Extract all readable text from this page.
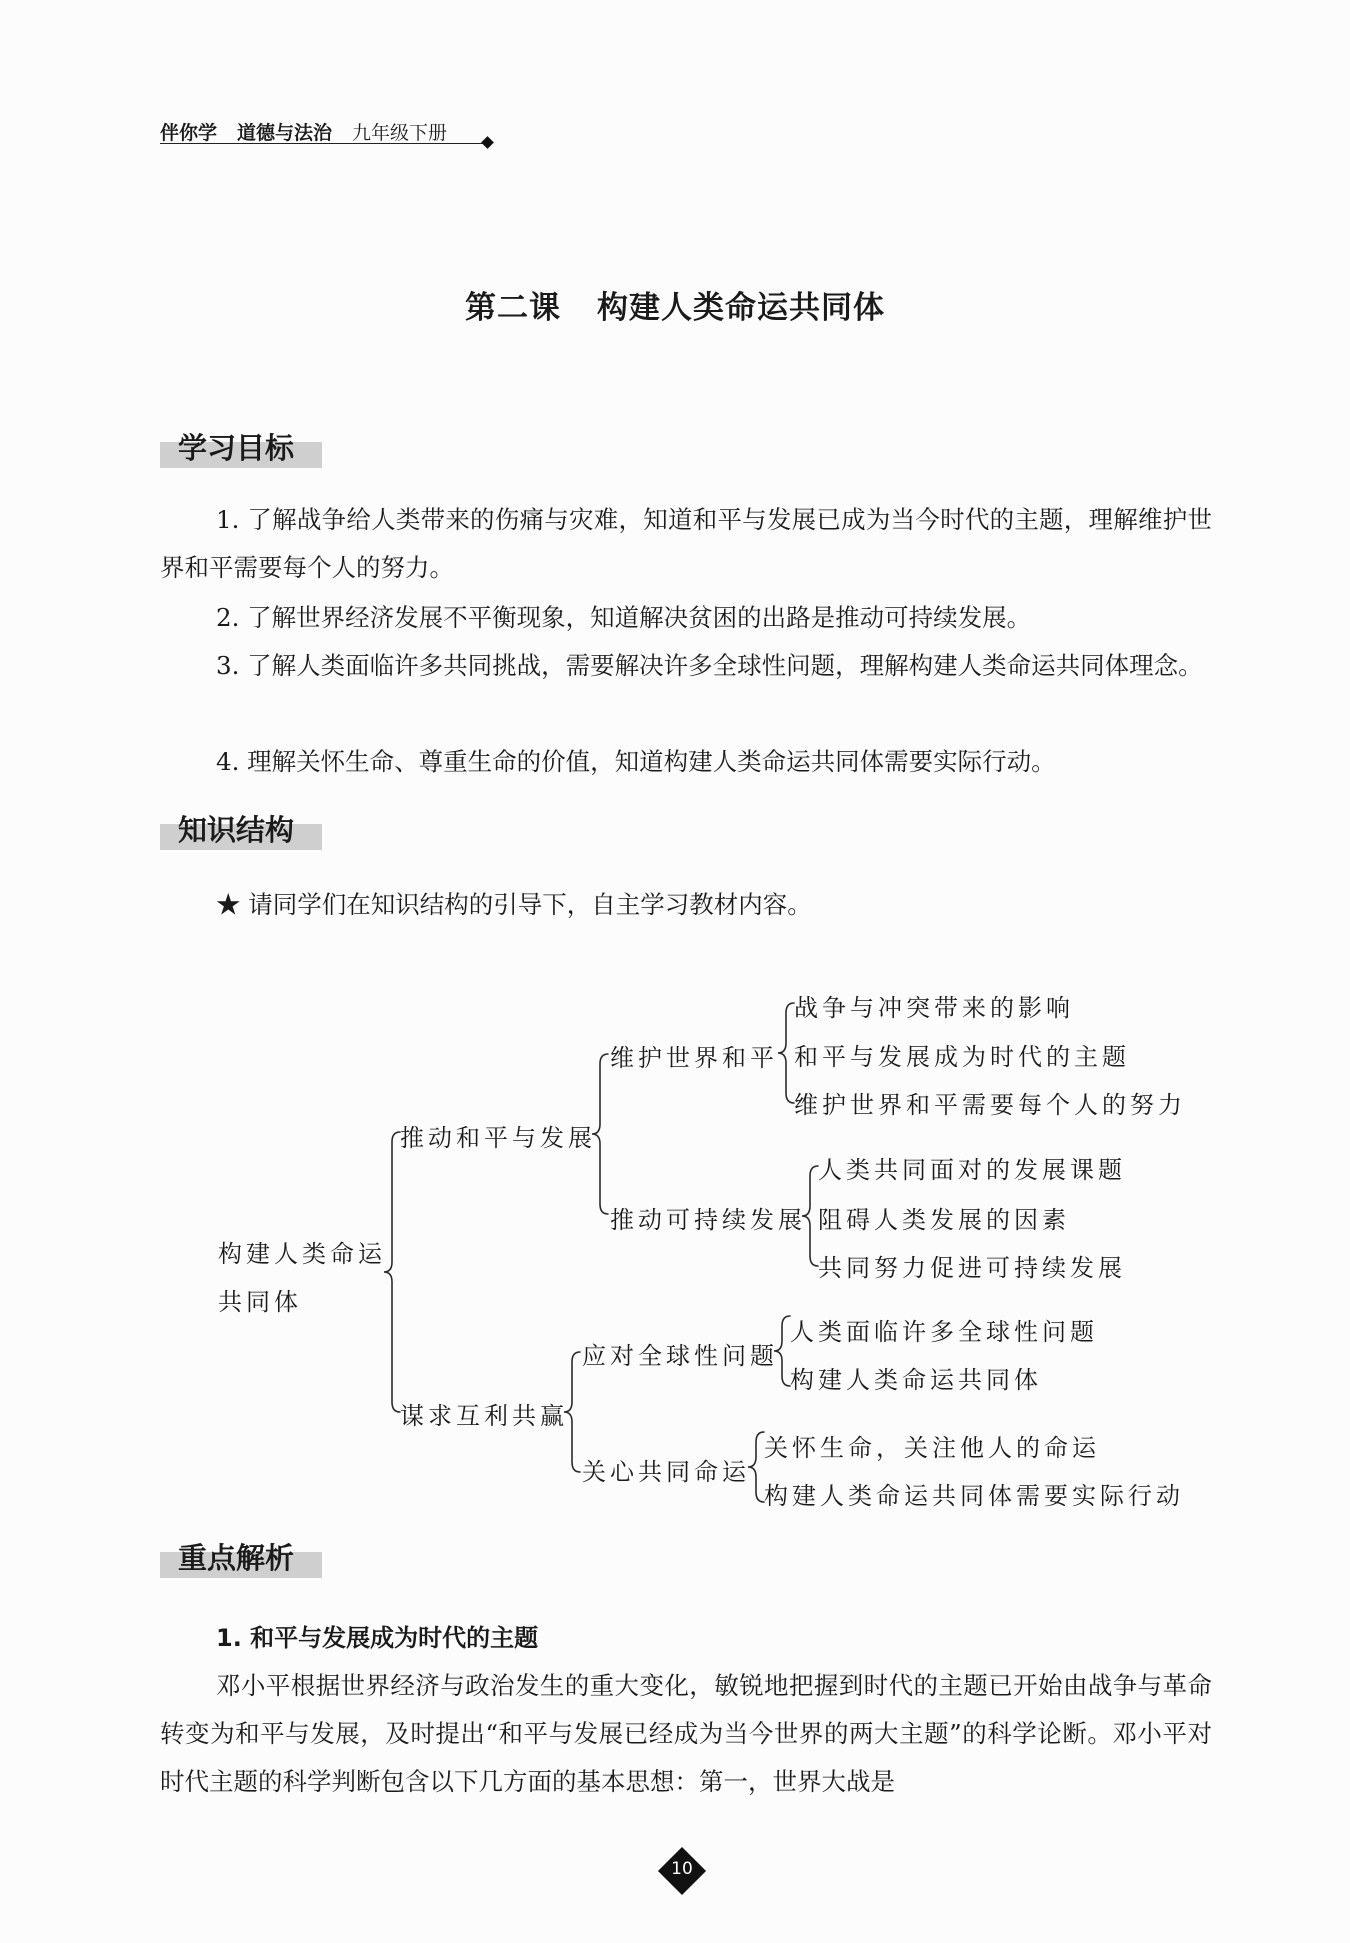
伴你学 道德与法治 九年级下册
第二课 构建人类命运共同体
学习目标
1. 了解战争给人类带来的伤痛与灾难，知道和平与发展已成为当今时代的主题，理解维护世界和平需要每个人的努力。
2. 了解世界经济发展不平衡现象，知道解决贫困的出路是推动可持续发展。
3. 了解人类面临许多共同挑战，需要解决许多全球性问题，理解构建人类命运共同体理念。
4. 理解关怀生命、尊重生命的价值，知道构建人类命运共同体需要实际行动。
知识结构
★ 请同学们在知识结构的引导下，自主学习教材内容。
构建人类命运
共同体
推动和平与发展
维护世界和平
战争与冲突带来的影响
和平与发展成为时代的主题
维护世界和平需要每个人的努力
推动可持续发展
人类共同面对的发展课题
阻碍人类发展的因素
共同努力促进可持续发展
谋求互利共赢
应对全球性问题
人类面临许多全球性问题
构建人类命运共同体
关心共同命运
关怀生命，关注他人的命运
构建人类命运共同体需要实际行动
重点解析
1. 和平与发展成为时代的主题
邓小平根据世界经济与政治发生的重大变化，敏锐地把握到时代的主题已开始由战争与革命转变为和平与发展，及时提出“和平与发展已经成为当今世界的两大主题”的科学论断。邓小平对时代主题的科学判断包含以下几方面的基本思想：第一，世界大战是
10
